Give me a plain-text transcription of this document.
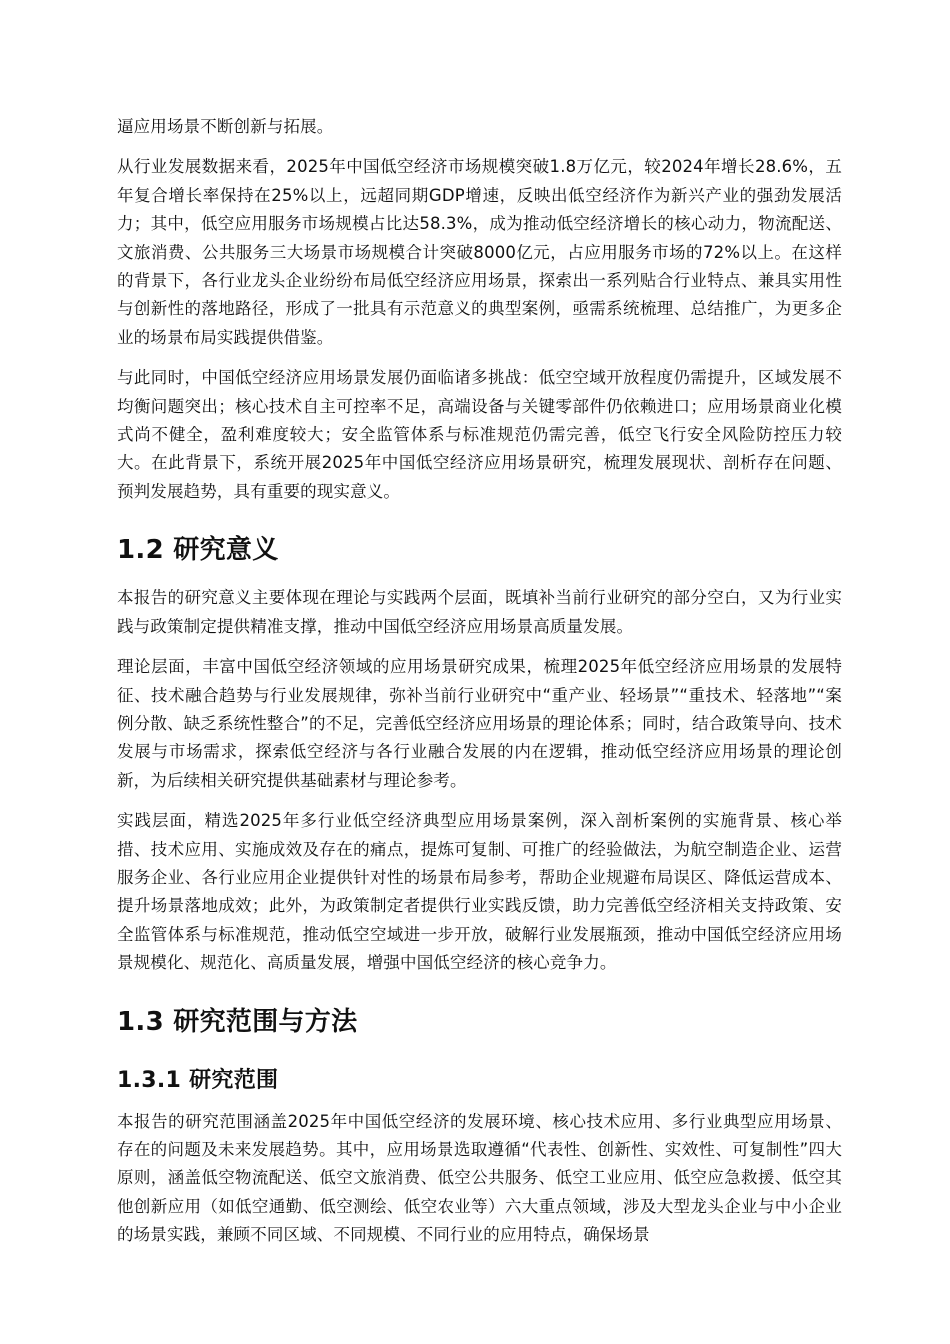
逼应用场景不断创新与拓展。

从行业发展数据来看，2025年中国低空经济市场规模突破1.8万亿元，较2024年增长28.6%，五年复合增长率保持在25%以上，远超同期GDP增速，反映出低空经济作为新兴产业的强劲发展活力；其中，低空应用服务市场规模占比达58.3%，成为推动低空经济增长的核心动力，物流配送、文旅消费、公共服务三大场景市场规模合计突破8000亿元，占应用服务市场的72%以上。在这样的背景下，各行业龙头企业纷纷布局低空经济应用场景，探索出一系列贴合行业特点、兼具实用性与创新性的落地路径，形成了一批具有示范意义的典型案例，亟需系统梳理、总结推广，为更多企业的场景布局实践提供借鉴。

与此同时，中国低空经济应用场景发展仍面临诸多挑战：低空空域开放程度仍需提升，区域发展不均衡问题突出；核心技术自主可控率不足，高端设备与关键零部件仍依赖进口；应用场景商业化模式尚不健全，盈利难度较大；安全监管体系与标准规范仍需完善，低空飞行安全风险防控压力较大。在此背景下，系统开展2025年中国低空经济应用场景研究，梳理发展现状、剖析存在问题、预判发展趋势，具有重要的现实意义。

1.2 研究意义

本报告的研究意义主要体现在理论与实践两个层面，既填补当前行业研究的部分空白，又为行业实践与政策制定提供精准支撑，推动中国低空经济应用场景高质量发展。

理论层面，丰富中国低空经济领域的应用场景研究成果，梳理2025年低空经济应用场景的发展特征、技术融合趋势与行业发展规律，弥补当前行业研究中“重产业、轻场景”“重技术、轻落地”“案例分散、缺乏系统性整合”的不足，完善低空经济应用场景的理论体系；同时，结合政策导向、技术发展与市场需求，探索低空经济与各行业融合发展的内在逻辑，推动低空经济应用场景的理论创新，为后续相关研究提供基础素材与理论参考。

实践层面，精选2025年多行业低空经济典型应用场景案例，深入剖析案例的实施背景、核心举措、技术应用、实施成效及存在的痛点，提炼可复制、可推广的经验做法，为航空制造企业、运营服务企业、各行业应用企业提供针对性的场景布局参考，帮助企业规避布局误区、降低运营成本、提升场景落地成效；此外，为政策制定者提供行业实践反馈，助力完善低空经济相关支持政策、安全监管体系与标准规范，推动低空空域进一步开放，破解行业发展瓶颈，推动中国低空经济应用场景规模化、规范化、高质量发展，增强中国低空经济的核心竞争力。

1.3 研究范围与方法
1.3.1 研究范围

本报告的研究范围涵盖2025年中国低空经济的发展环境、核心技术应用、多行业典型应用场景、存在的问题及未来发展趋势。其中，应用场景选取遵循“代表性、创新性、实效性、可复制性”四大原则，涵盖低空物流配送、低空文旅消费、低空公共服务、低空工业应用、低空应急救援、低空其他创新应用（如低空通勤、低空测绘、低空农业等）六大重点领域，涉及大型龙头企业与中小企业的场景实践，兼顾不同区域、不同规模、不同行业的应用特点，确保场景
